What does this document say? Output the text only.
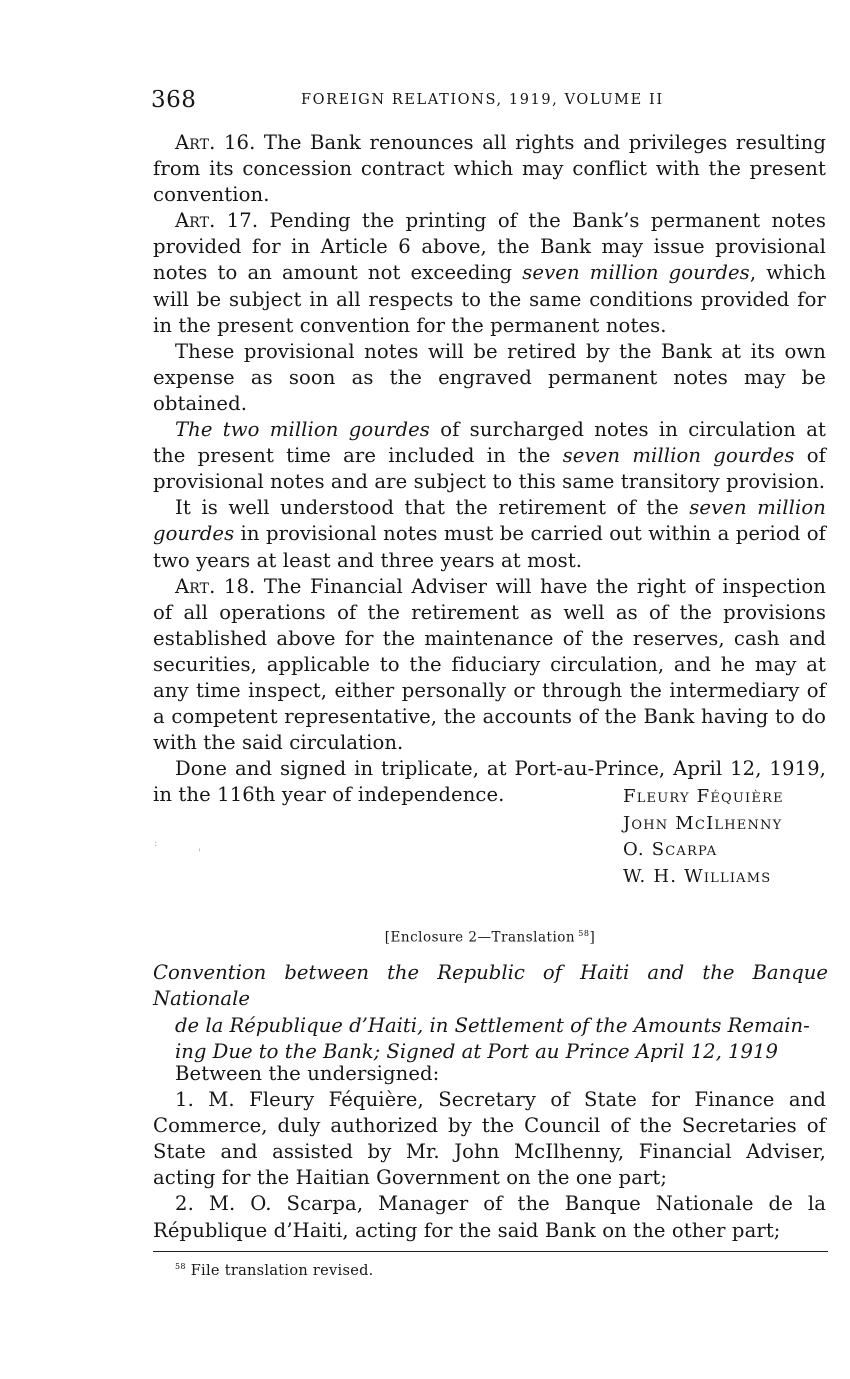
368	FOREIGN RELATIONS, 1919, VOLUME II

Art. 16. The Bank renounces all rights and privileges resulting from its concession contract which may conflict with the present convention.

Art. 17. Pending the printing of the Bank’s permanent notes provided for in Article 6 above, the Bank may issue provisional notes to an amount not exceeding seven million gourdes, which will be subject in all respects to the same conditions provided for in the present convention for the permanent notes.

These provisional notes will be retired by the Bank at its own expense as soon as the engraved permanent notes may be obtained.

The two million gourdes of surcharged notes in circulation at the present time are included in the seven million gourdes of provisional notes and are subject to this same transitory provision.

It is well understood that the retirement of the seven million gourdes in provisional notes must be carried out within a period of two years at least and three years at most.

Art. 18. The Financial Adviser will have the right of inspection of all operations of the retirement as well as of the provisions established above for the maintenance of the reserves, cash and securities, applicable to the fiduciary circulation, and he may at any time inspect, either personally or through the intermediary of a competent representative, the accounts of the Bank having to do with the said circulation.

Done and signed in triplicate, at Port-au-Prince, April 12, 1919, in the 116th year of independence.	Fleury Féquière
John McIlhenny
O. Scarpa
W. H. Williams
:
'
[Enclosure 2—Translation  $^{58}$]
Convention between the Republic of Haiti and the Banque Nationale
de la République d’Haiti, in Settlement of the Amounts Remain-
ing Due to the Bank; Signed at Port au Prince April 12, 1919

Between the undersigned:

1. M. Fleury Féquière, Secretary of State for Finance and Commerce, duly authorized by the Council of the Secretaries of State and assisted by Mr. John McIlhenny, Financial Adviser, acting for the Haitian Government on the one part;

2. M. O. Scarpa, Manager of the Banque Nationale de la République d’Haiti, acting for the said Bank on the other part;

$^{58}$ File translation revised.
